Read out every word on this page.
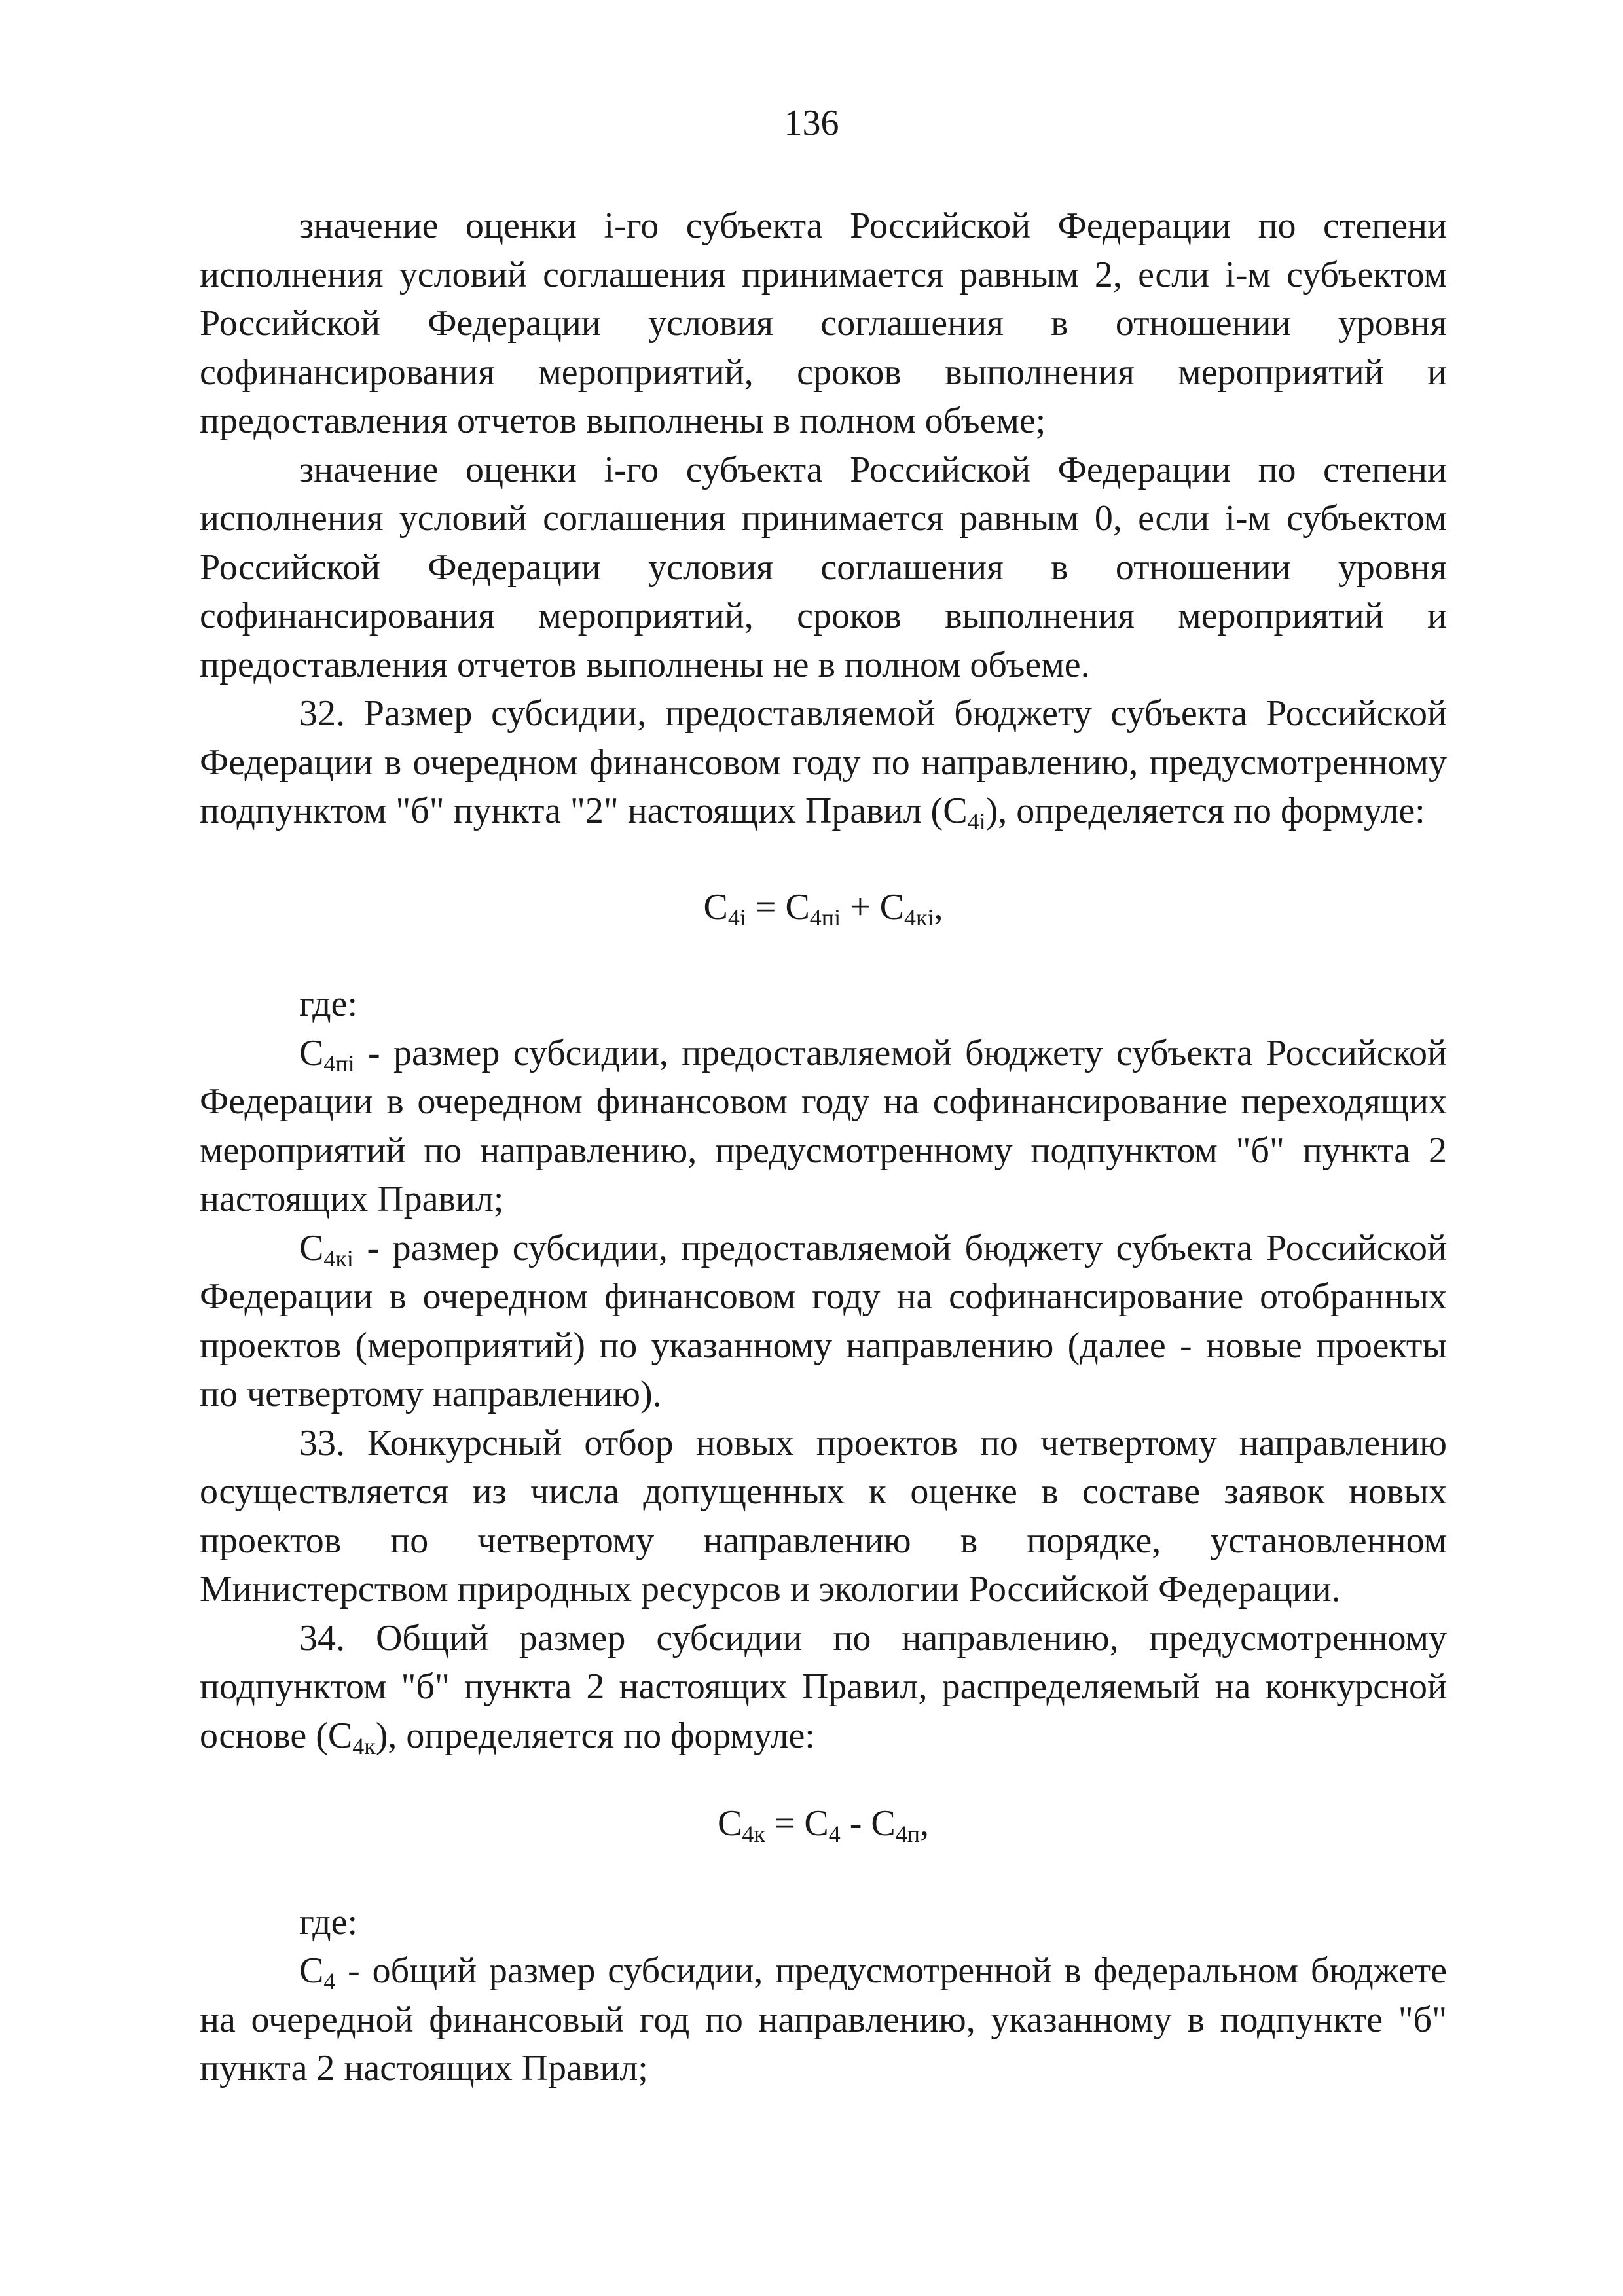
136

значение оценки i-го субъекта Российской Федерации по степени исполнения условий соглашения принимается равным 2, если i-м субъектом Российской Федерации условия соглашения в отношении уровня софинансирования мероприятий, сроков выполнения мероприятий и предоставления отчетов выполнены в полном объеме;

значение оценки i-го субъекта Российской Федерации по степени исполнения условий соглашения принимается равным 0, если i-м субъектом Российской Федерации условия соглашения в отношении уровня софинансирования мероприятий, сроков выполнения мероприятий и предоставления отчетов выполнены не в полном объеме.

32. Размер субсидии, предоставляемой бюджету субъекта Российской Федерации в очередном финансовом году по направлению, предусмотренному подпунктом "б" пункта "2" настоящих Правил $(C_{4i})$, определяется по формуле:

$C_{4i} = C_{4пi} + C_{4кi}$,

где:

$C_{4пi}$ - размер субсидии, предоставляемой бюджету субъекта Российской Федерации в очередном финансовом году на софинансирование переходящих мероприятий по направлению, предусмотренному подпунктом "б" пункта 2 настоящих Правил;

$C_{4кi}$ - размер субсидии, предоставляемой бюджету субъекта Российской Федерации в очередном финансовом году на софинансирование отобранных проектов (мероприятий) по указанному направлению (далее - новые проекты по четвертому направлению).

33. Конкурсный отбор новых проектов по четвертому направлению осуществляется из числа допущенных к оценке в составе заявок новых проектов по четвертому направлению в порядке, установленном Министерством природных ресурсов и экологии Российской Федерации.

34. Общий размер субсидии по направлению, предусмотренному подпунктом "б" пункта 2 настоящих Правил, распределяемый на конкурсной основе $(C_{4к})$, определяется по формуле:

$C_{4к} = C_4 - C_{4п}$,

где:

$C_4$ - общий размер субсидии, предусмотренной в федеральном бюджете на очередной финансовый год по направлению, указанному в подпункте "б" пункта 2 настоящих Правил;
